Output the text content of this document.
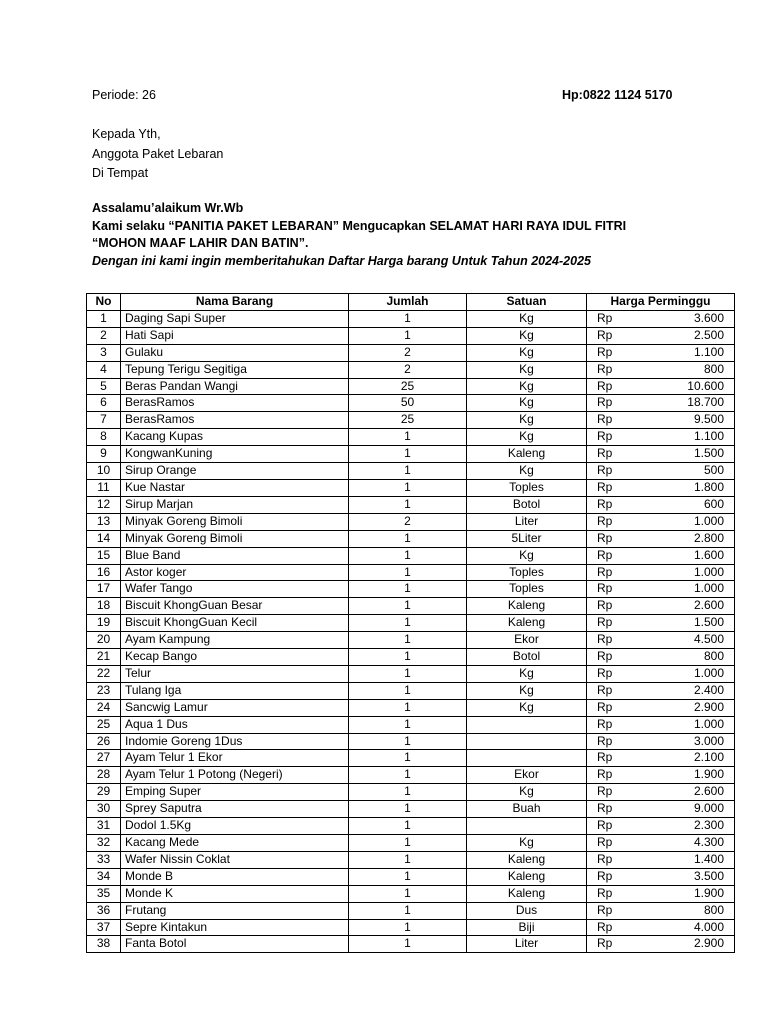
Periode: 26	Hp:0822 1124 5170
Kepada Yth,
Anggota Paket Lebaran
Di Tempat
Assalamu’alaikum Wr.Wb
Kami selaku “PANITIA PAKET LEBARAN” Mengucapkan SELAMAT HARI RAYA IDUL FITRI
“MOHON MAAF LAHIR DAN BATIN”.
Dengan ini kami ingin memberitahukan Daftar Harga barang Untuk Tahun 2024-2025
No	Nama Barang	Jumlah	Satuan	Harga Perminggu
1	Daging Sapi Super	1	Kg	Rp 3.600

2	Hati Sapi	1	Kg	Rp 2.500

3	Gulaku	2	Kg	Rp 1.100

4	Tepung Terigu Segitiga	2	Kg	Rp 800

5	Beras Pandan Wangi	25	Kg	Rp 10.600

6	BerasRamos	50	Kg	Rp 18.700

7	BerasRamos	25	Kg	Rp 9.500

8	Kacang Kupas	1	Kg	Rp 1.100

9	KongwanKuning	1	Kaleng	Rp 1.500

10	Sirup Orange	1	Kg	Rp 500

11	Kue Nastar	1	Toples	Rp 1.800

12	Sirup Marjan	1	Botol	Rp 600

13	Minyak Goreng Bimoli	2	Liter	Rp 1.000

14	Minyak Goreng Bimoli	1	5Liter	Rp 2.800

15	Blue Band	1	Kg	Rp 1.600

16	Astor koger	1	Toples	Rp 1.000

17	Wafer Tango	1	Toples	Rp 1.000

18	Biscuit KhongGuan Besar	1	Kaleng	Rp 2.600

19	Biscuit KhongGuan Kecil	1	Kaleng	Rp 1.500

20	Ayam Kampung	1	Ekor	Rp 4.500

21	Kecap Bango	1	Botol	Rp 800

22	Telur	1	Kg	Rp 1.000

23	Tulang Iga	1	Kg	Rp 2.400

24	Sancwig Lamur	1	Kg	Rp 2.900

25	Aqua 1 Dus	1		Rp 1.000

26	Indomie Goreng 1Dus	1		Rp 3.000

27	Ayam Telur 1 Ekor	1		Rp 2.100

28	Ayam Telur 1 Potong (Negeri)	1	Ekor	Rp 1.900

29	Emping Super	1	Kg	Rp 2.600

30	Sprey Saputra	1	Buah	Rp 9.000

31	Dodol 1.5Kg	1		Rp 2.300

32	Kacang Mede	1	Kg	Rp 4.300

33	Wafer Nissin Coklat	1	Kaleng	Rp 1.400

34	Monde B	1	Kaleng	Rp 3.500

35	Monde K	1	Kaleng	Rp 1.900

36	Frutang	1	Dus	Rp 800

37	Sepre Kintakun	1	Biji	Rp 4.000

38	Fanta Botol	1	Liter	Rp 2.900
